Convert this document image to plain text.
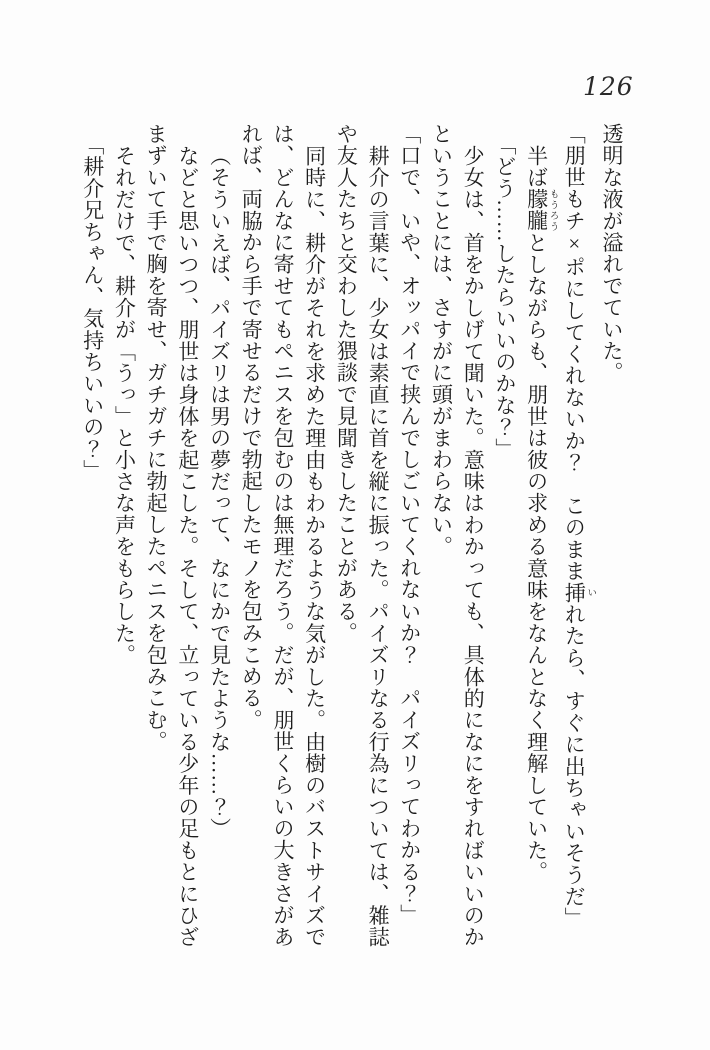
126

透明な液が溢れでていた。

「朋世もチ×ポにしてくれないか？　このまま挿 いれたら、すぐに出ちゃいそうだ」

半ば朦朧 もうろうとしながらも、朋世は彼の求める意味をなんとなく理解していた。

「どう……したらいいのかな？」

少女は、首をかしげて聞いた。意味はわかっても、具体的になにをすればいいのかということには、さすがに頭がまわらない。

「口で、いや、オッパイで挟んでしごいてくれないか？　パイズリってわかる？」

耕介の言葉に、少女は素直に首を縦に振った。パイズリなる行為については、雑誌や友人たちと交わした猥談で見聞きしたことがある。

同時に、耕介がそれを求めた理由もわかるような気がした。由樹のバストサイズでは、どんなに寄せてもペニスを包むのは無理だろう。だが、朋世くらいの大きさがあれば、両脇から手で寄せるだけで勃起したモノを包みこめる。

（そういえば、パイズリは男の夢だって、なにかで見たような……？）

などと思いつつ、朋世は身体を起こした。そして、立っている少年の足もとにひざまずいて手で胸を寄せ、ガチガチに勃起したペニスを包みこむ。

それだけで、耕介が「うっ」と小さな声をもらした。

「耕介兄ちゃん、気持ちいいの？」
